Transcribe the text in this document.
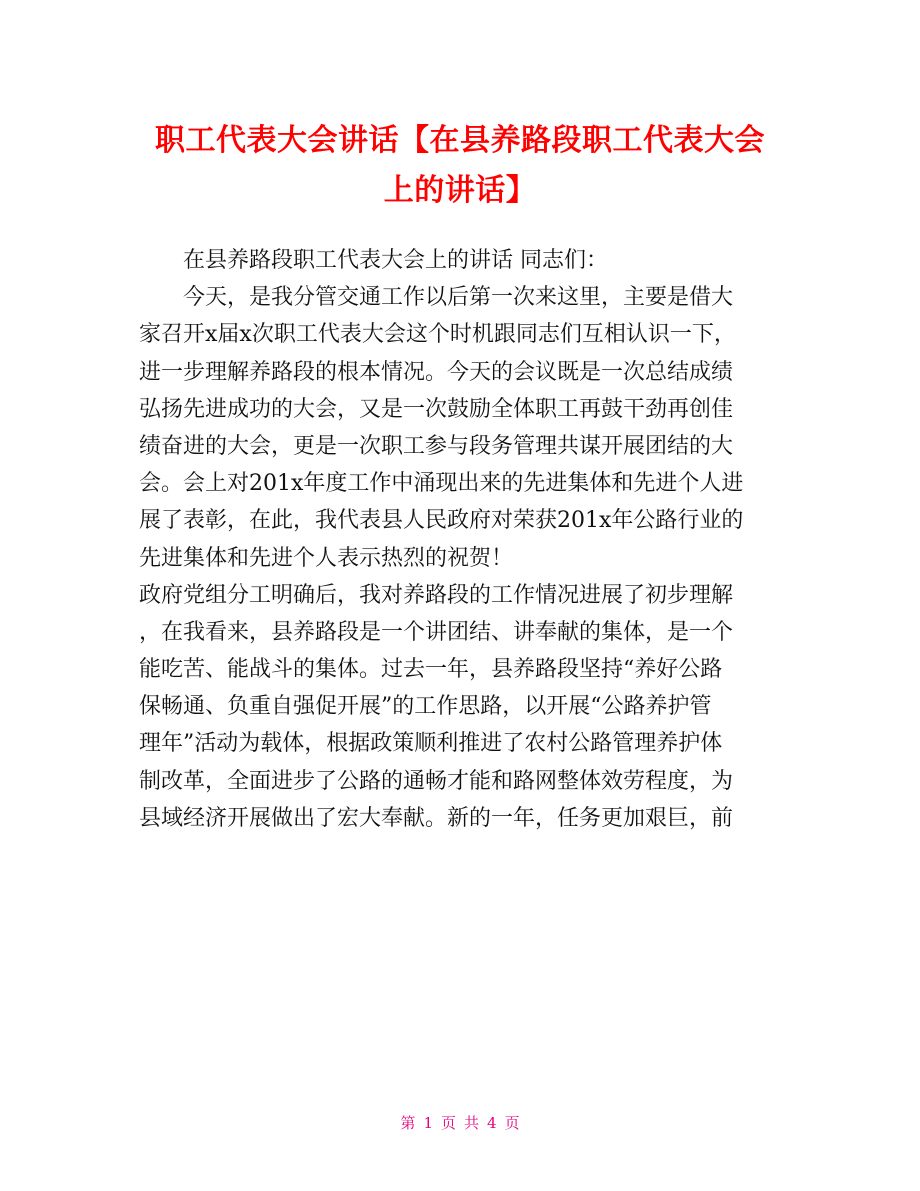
职工代表大会讲话【在县养路段职工代表大会
上的讲话】
在县养路段职工代表大会上的讲话 同志们：
今天，是我分管交通工作以后第一次来这里，主要是借大
家召开x届x次职工代表大会这个时机跟同志们互相认识一下，
进一步理解养路段的根本情况。今天的会议既是一次总结成绩
弘扬先进成功的大会，又是一次鼓励全体职工再鼓干劲再创佳
绩奋进的大会，更是一次职工参与段务管理共谋开展团结的大
会。会上对201x年度工作中涌现出来的先进集体和先进个人进
展了表彰，在此，我代表县人民政府对荣获201x年公路行业的
先进集体和先进个人表示热烈的祝贺！
政府党组分工明确后，我对养路段的工作情况进展了初步理解
，在我看来，县养路段是一个讲团结、讲奉献的集体，是一个
能吃苦、能战斗的集体。过去一年，县养路段坚持“养好公路
保畅通、负重自强促开展”的工作思路，以开展“公路养护管
理年”活动为载体，根据政策顺利推进了农村公路管理养护体
制改革，全面进步了公路的通畅才能和路网整体效劳程度，为
县域经济开展做出了宏大奉献。新的一年，任务更加艰巨，前
第 1 页 共 4 页
